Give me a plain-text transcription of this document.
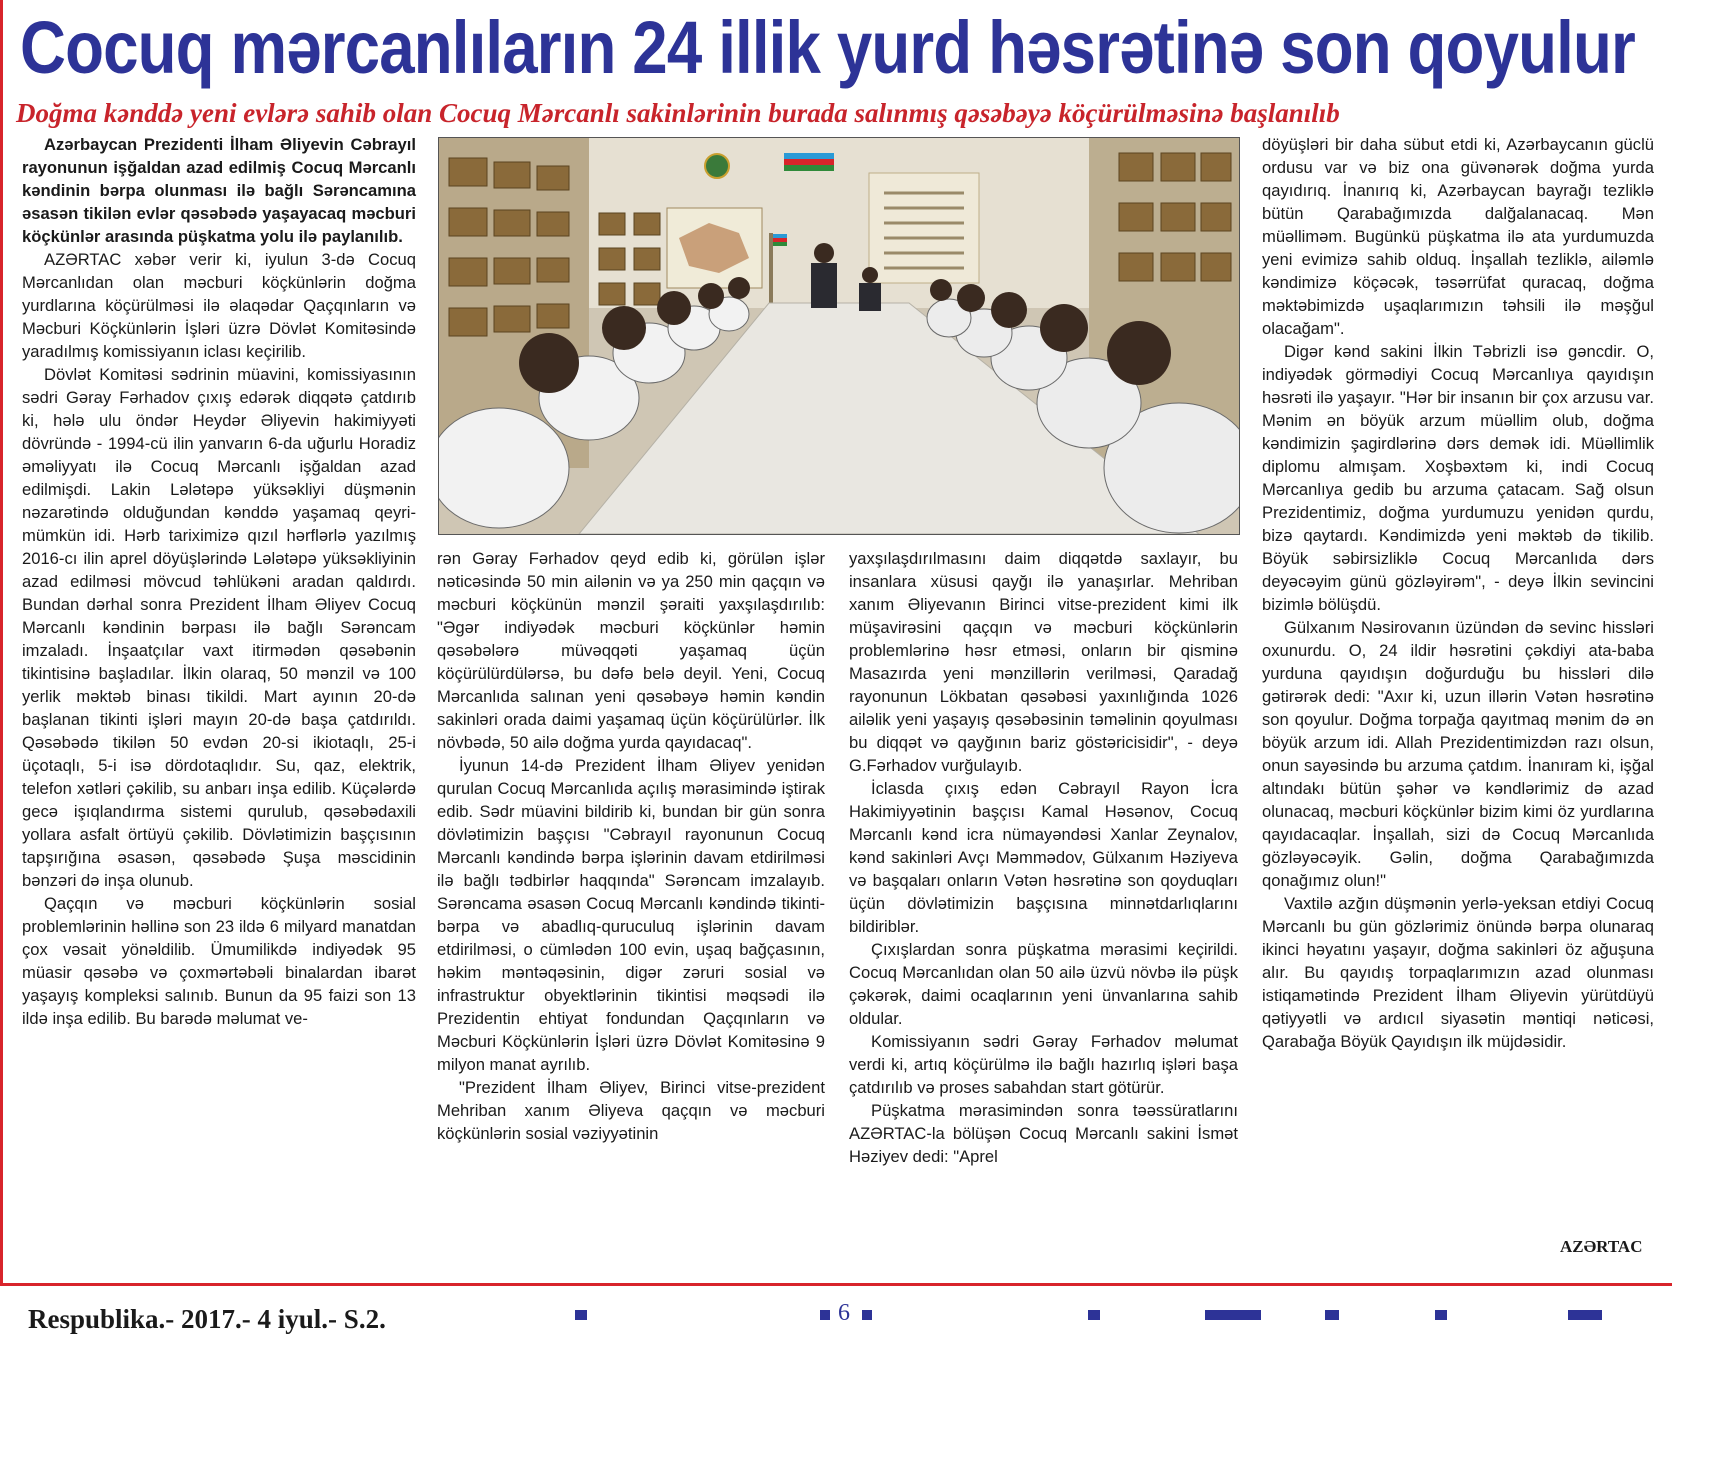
Cocuq mərcanlıların 24 illik yurd həsrətinə son qoyulur
Doğma kənddə yeni evlərə sahib olan Cocuq Mərcanlı sakinlərinin burada salınmış qəsəbəyə köçürülməsinə başlanılıb

Azərbaycan Prezidenti İlham Əliyevin Cəbrayıl rayonunun işğaldan azad edilmiş Cocuq Mərcanlı kəndinin bərpa olunması ilə bağlı Sərəncamına əsasən tikilən evlər qəsəbədə yaşayacaq məcburi köçkünlər arasında püşkatma yolu ilə paylanılıb.

AZƏRTAC xəbər verir ki, iyulun 3-də Cocuq Mərcanlıdan olan məcburi köçkünlərin doğma yurdlarına köçürülməsi ilə əlaqədar Qaçqınların və Məcburi Köçkünlərin İşləri üzrə Dövlət Komitəsində yaradılmış komissiyanın iclası keçirilib.

Dövlət Komitəsi sədrinin müavini, komissiyasının sədri Gəray Fərhadov çıxış edərək diqqətə çatdırıb ki, hələ ulu öndər Heydər Əliyevin hakimiyyəti dövründə - 1994-cü ilin yanvarın 6-da uğurlu Horadiz əməliyyatı ilə Cocuq Mərcanlı işğaldan azad edilmişdi. Lakin Lələtəpə yüksəkliyi düşmənin nəzarətində olduğundan kənddə yaşamaq qeyri-mümkün idi. Hərb tariximizə qızıl hərflərlə yazılmış 2016-cı ilin aprel döyüşlərində Lələtəpə yüksəkliyinin azad edilməsi mövcud təhlükəni aradan qaldırdı. Bundan dərhal sonra Prezident İlham Əliyev Cocuq Mərcanlı kəndinin bərpası ilə bağlı Sərəncam imzaladı. İnşaatçılar vaxt itirmədən qəsəbənin tikintisinə başladılar. İlkin olaraq, 50 mənzil və 100 yerlik məktəb binası tikildi. Mart ayının 20-də başlanan tikinti işləri mayın 20-də başa çatdırıldı. Qəsəbədə tikilən 50 evdən 20-si ikiotaqlı, 25-i üçotaqlı, 5-i isə dördotaqlıdır. Su, qaz, elektrik, telefon xətləri çəkilib, su anbarı inşa edilib. Küçələrdə gecə işıqlandırma sistemi qurulub, qəsəbədaxili yollara asfalt örtüyü çəkilib. Dövlətimizin başçısının tapşırığına əsasən, qəsəbədə Şuşa məscidinin bənzəri də inşa olunub.

Qaçqın və məcburi köçkünlərin sosial problemlərinin həllinə son 23 ildə 6 milyard manatdan çox vəsait yönəldilib. Ümumilikdə indiyədək 95 müasir qəsəbə və çoxmərtəbəli binalardan ibarət yaşayış kompleksi salınıb. Bunun da 95 faizi son 13 ildə inşa edilib. Bu barədə məlumat ve-

rən Gəray Fərhadov qeyd edib ki, görülən işlər nəticəsində 50 min ailənin və ya 250 min qaçqın və məcburi köçkünün mənzil şəraiti yaxşılaşdırılıb: "Əgər indiyədək məcburi köçkünlər həmin qəsəbələrə müvəqqəti yaşamaq üçün köçürülürdülərsə, bu dəfə belə deyil. Yeni, Cocuq Mərcanlıda salınan yeni qəsəbəyə həmin kəndin sakinləri orada daimi yaşamaq üçün köçürülürlər. İlk növbədə, 50 ailə doğma yurda qayıdacaq".

İyunun 14-də Prezident İlham Əliyev yenidən qurulan Cocuq Mərcanlıda açılış mərasimində iştirak edib. Sədr müavini bildirib ki, bundan bir gün sonra dövlətimizin başçısı "Cəbrayıl rayonunun Cocuq Mərcanlı kəndində bərpa işlərinin davam etdirilməsi ilə bağlı tədbirlər haqqında" Sərəncam imzalayıb. Sərəncama əsasən Cocuq Mərcanlı kəndində tikinti-bərpa və abadlıq-quruculuq işlərinin davam etdirilməsi, o cümlədən 100 evin, uşaq bağçasının, həkim məntəqəsinin, digər zəruri sosial və infrastruktur obyektlərinin tikintisi məqsədi ilə Prezidentin ehtiyat fondundan Qaçqınların və Məcburi Köçkünlərin İşləri üzrə Dövlət Komitəsinə 9 milyon manat ayrılıb.

"Prezident İlham Əliyev, Birinci vitse-prezident Mehriban xanım Əliyeva qaçqın və məcburi köçkünlərin sosial vəziyyətinin

yaxşılaşdırılmasını daim diqqətdə saxlayır, bu insanlara xüsusi qayğı ilə yanaşırlar. Mehriban xanım Əliyevanın Birinci vitse-prezident kimi ilk müşavirəsini qaçqın və məcburi köçkünlərin problemlərinə həsr etməsi, onların bir qisminə Masazırda yeni mənzillərin verilməsi, Qaradağ rayonunun Lökbatan qəsəbəsi yaxınlığında 1026 ailəlik yeni yaşayış qəsəbəsinin təməlinin qoyulması bu diqqət və qayğının bariz göstəricisidir", - deyə G.Fərhadov vurğulayıb.

İclasda çıxış edən Cəbrayıl Rayon İcra Hakimiyyətinin başçısı Kamal Həsənov, Cocuq Mərcanlı kənd icra nümayəndəsi Xanlar Zeynalov, kənd sakinləri Avçı Məmmədov, Gülxanım Həziyeva və başqaları onların Vətən həsrətinə son qoyduqları üçün dövlətimizin başçısına minnətdarlıqlarını bildiriblər.

Çıxışlardan sonra püşkatma mərasimi keçirildi. Cocuq Mərcanlıdan olan 50 ailə üzvü növbə ilə püşk çəkərək, daimi ocaqlarının yeni ünvanlarına sahib oldular.

Komissiyanın sədri Gəray Fərhadov məlumat verdi ki, artıq köçürülmə ilə bağlı hazırlıq işləri başa çatdırılıb və proses sabahdan start götürür.

Püşkatma mərasimindən sonra təəssüratlarını AZƏRTAC-la bölüşən Cocuq Mərcanlı sakini İsmət Həziyev dedi: "Aprel

döyüşləri bir daha sübut etdi ki, Azərbaycanın güclü ordusu var və biz ona güvənərək doğma yurda qayıdırıq. İnanırıq ki, Azərbaycan bayrağı tezliklə bütün Qarabağımızda dalğalanacaq. Mən müəlliməm. Bugünkü püşkatma ilə ata yurdumuzda yeni evimizə sahib olduq. İnşallah tezliklə, ailəmlə kəndimizə köçəcək, təsərrüfat quracaq, doğma məktəbimizdə uşaqlarımızın təhsili ilə məşğul olacağam".

Digər kənd sakini İlkin Təbrizli isə gəncdir. O, indiyədək görmədiyi Cocuq Mərcanlıya qayıdışın həsrəti ilə yaşayır. "Hər bir insanın bir çox arzusu var. Mənim ən böyük arzum müəllim olub, doğma kəndimizin şagirdlərinə dərs demək idi. Müəllimlik diplomu almışam. Xoşbəxtəm ki, indi Cocuq Mərcanlıya gedib bu arzuma çatacam. Sağ olsun Prezidentimiz, doğma yurdumuzu yenidən qurdu, bizə qaytardı. Kəndimizdə yeni məktəb də tikilib. Böyük səbirsizliklə Cocuq Mərcanlıda dərs deyəcəyim günü gözləyirəm", - deyə İlkin sevincini bizimlə bölüşdü.

Gülxanım Nəsirovanın üzündən də sevinc hissləri oxunurdu. O, 24 ildir həsrətini çəkdiyi ata-baba yurduna qayıdışın doğurduğu bu hissləri dilə gətirərək dedi: "Axır ki, uzun illərin Vətən həsrətinə son qoyulur. Doğma torpağa qayıtmaq mənim də ən böyük arzum idi. Allah Prezidentimizdən razı olsun, onun sayəsində bu arzuma çatdım. İnanıram ki, işğal altındakı bütün şəhər və kəndlərimiz də azad olunacaq, məcburi köçkünlər bizim kimi öz yurdlarına qayıdacaqlar. İnşallah, sizi də Cocuq Mərcanlıda gözləyəcəyik. Gəlin, doğma Qarabağımızda qonağımız olun!"

Vaxtilə azğın düşmənin yerlə-yeksan etdiyi Cocuq Mərcanlı bu gün gözlərimiz önündə bərpa olunaraq ikinci həyatını yaşayır, doğma sakinləri öz ağuşuna alır. Bu qayıdış torpaqlarımızın azad olunması istiqamətində Prezident İlham Əliyevin yürütdüyü qətiyyətli və ardıcıl siyasətin məntiqi nəticəsi, Qarabağa Böyük Qayıdışın ilk müjdəsidir.

AZƏRTAC
6
Respublika.- 2017.- 4 iyul.- S.2.
